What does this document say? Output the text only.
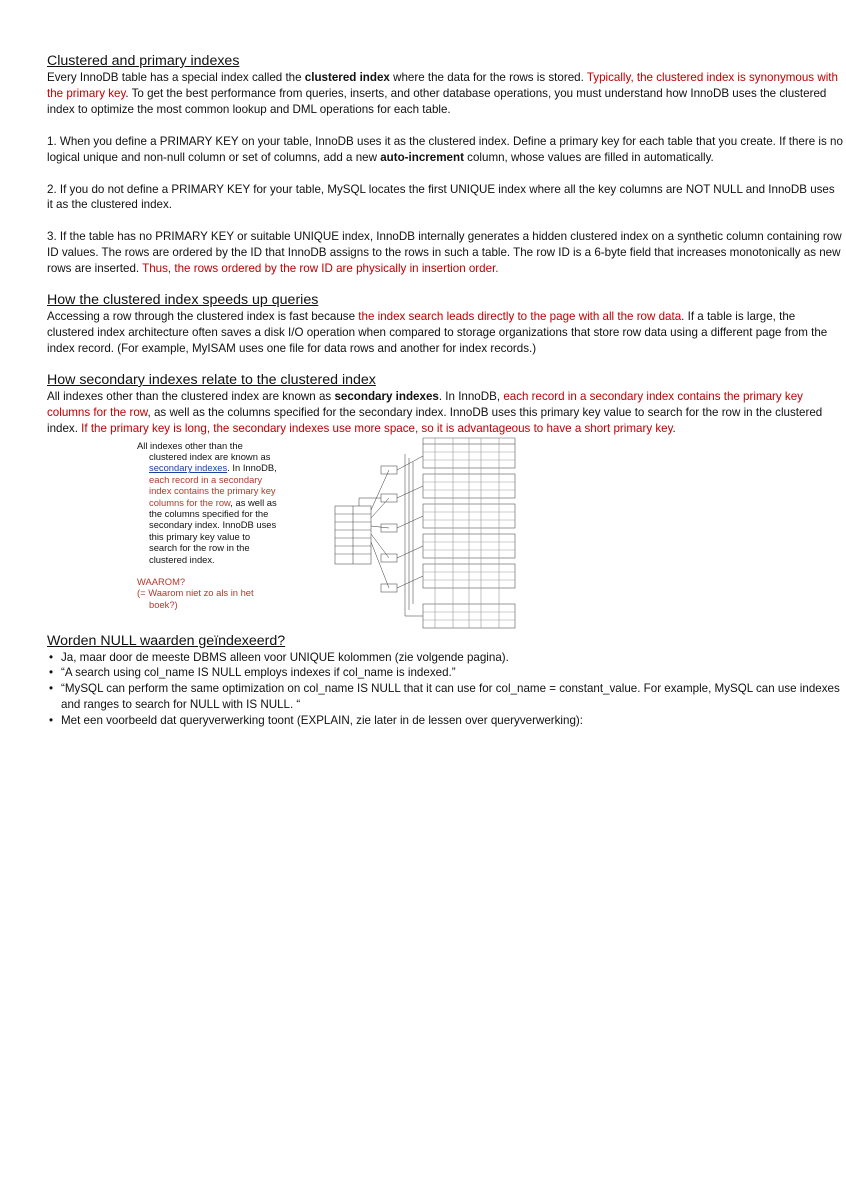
Clustered and primary indexes

Every InnoDB table has a special index called the clustered index where the data for the rows is stored. Typically, the clustered index is synonymous with the primary key. To get the best performance from queries, inserts, and other database operations, you must understand how InnoDB uses the clustered index to optimize the most common lookup and DML operations for each table.

1. When you define a PRIMARY KEY on your table, InnoDB uses it as the clustered index. Define a primary key for each table that you create. If there is no logical unique and non-null column or set of columns, add a new auto-increment column, whose values are filled in automatically.

2. If you do not define a PRIMARY KEY for your table, MySQL locates the first UNIQUE index where all the key columns are NOT NULL and InnoDB uses it as the clustered index.

3. If the table has no PRIMARY KEY or suitable UNIQUE index, InnoDB internally generates a hidden clustered index on a synthetic column containing row ID values. The rows are ordered by the ID that InnoDB assigns to the rows in such a table. The row ID is a 6-byte field that increases monotonically as new rows are inserted. Thus, the rows ordered by the row ID are physically in insertion order.

How the clustered index speeds up queries

Accessing a row through the clustered index is fast because the index search leads directly to the page with all the row data. If a table is large, the clustered index architecture often saves a disk I/O operation when compared to storage organizations that store row data using a different page from the index record. (For example, MyISAM uses one file for data rows and another for index records.)

How secondary indexes relate to the clustered index

All indexes other than the clustered index are known as secondary indexes. In InnoDB, each record in a secondary index contains the primary key columns for the row, as well as the columns specified for the secondary index. InnoDB uses this primary key value to search for the row in the clustered index. If the primary key is long, the secondary indexes use more space, so it is advantageous to have a short primary key.

All indexes other than the
clustered index are known as
secondary indexes. In InnoDB,
each record in a secondary
index contains the primary key
columns for the row, as well as
the columns specified for the
secondary index. InnoDB uses
this primary key value to
search for the row in the
clustered index.
WAAROM?
(= Waarom niet zo als in het

boek?)
Worden NULL waarden geïndexeerd?
• Ja, maar door de meeste DBMS alleen voor UNIQUE kolommen (zie volgende pagina).
• “A search using col_name IS NULL employs indexes if col_name is indexed.”
• “MySQL can perform the same optimization on col_name IS NULL that it can use for col_name = constant_value. For example, MySQL can use indexes and ranges to search for NULL with IS NULL. “
• Met een voorbeeld dat queryverwerking toont (EXPLAIN, zie later in de lessen over queryverwerking):
